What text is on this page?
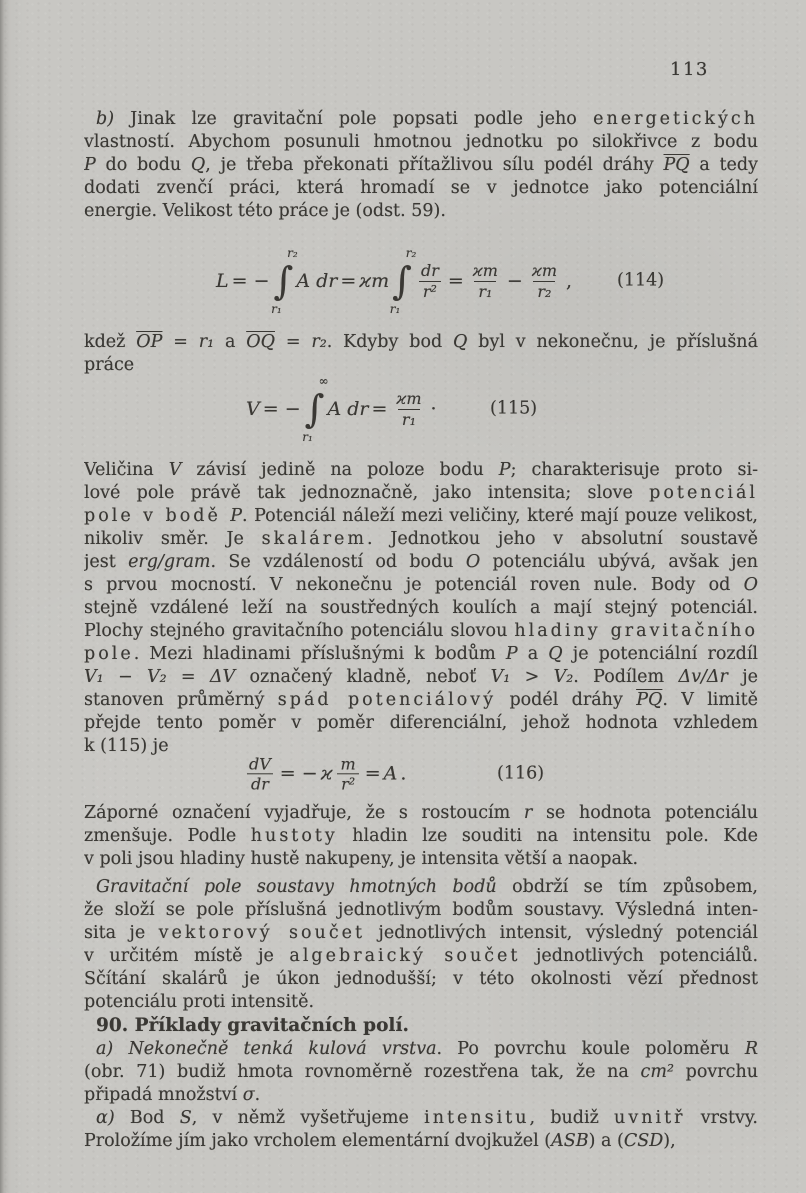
113
b) Jinak lze gravitační pole popsati podle jeho energetických
vlastností. Abychom posunuli hmotnou jednotku po silokřivce z bodu
P do bodu Q, je třeba překonati přítažlivou sílu podél dráhy $\overline{PQ}$ a tedy
dodati zvenčí práci, která hromadí se v jednotce jako potenciální
energie. Velikost této práce je (odst. 59).
L = −
r₂
∫
r₁
A dr = ϰm
r₂
∫
r₁
$\frac{dr}{\text{r²}} = \frac{ϰm}{\text{r₁}} - \frac{ϰm}{\text{r₂}}$ ,	(114)
kdež $\overline{OP} = r_1$ a $\overline{OQ} = r_2$. Kdyby bod Q byl v nekonečnu, je příslušná
práce
V = −
∞
∫
r₁
A dr = $\frac{ϰm}{\text{r₁}}$ ·	(115)
Veličina V závisí jedině na poloze bodu P; charakterisuje proto si-
lové pole právě tak jednoznačně, jako intensita; slove potenciál
pole v bodě P. Potenciál náleží mezi veličiny, které mají pouze velikost,
nikoliv směr. Je skalárem. Jednotkou jeho v absolutní soustavě
jest erg/gram. Se vzdáleností od bodu O potenciálu ubývá, avšak jen
s prvou mocností. V nekonečnu je potenciál roven nule. Body od O
stejně vzdálené leží na soustředných koulích a mají stejný potenciál.
Plochy stejného gravitačního potenciálu slovou hladiny gravitačního
pole. Mezi hladinami příslušnými k bodům P a Q je potenciální rozdíl
V₁ − V₂ = ΔV označený kladně, neboť V₁ > V₂. Podílem Δv/Δr je
stanoven průměrný spád potenciálový podél dráhy $\overline{PQ}$. V limitě
přejde tento poměr v poměr diferenciální, jehož hodnota vzhledem
k (115) je
$\frac{dV}{dr}$ = − ϰ $\frac{m}{\text{r²}} = A$ .	(116)
Záporné označení vyjadřuje, že s rostoucím r se hodnota potenciálu
zmenšuje. Podle hustoty hladin lze souditi na intensitu pole. Kde
v poli jsou hladiny hustě nakupeny, je intensita větší a naopak.
Gravitační pole soustavy hmotných bodů obdrží se tím způsobem,
že složí se pole příslušná jednotlivým bodům soustavy. Výsledná inten-
sita je vektorový součet jednotlivých intensit, výsledný potenciál
v určitém místě je algebraický součet jednotlivých potenciálů.
Sčítání skalárů je úkon jednodušší; v této okolnosti vězí přednost
potenciálu proti intensitě.
90. Příklady gravitačních polí.
a) Nekonečně tenká kulová vrstva. Po povrchu koule poloměru R
(obr. 71) budiž hmota rovnoměrně rozestřena tak, že na cm² povrchu
připadá množství σ.
α) Bod S, v němž vyšetřujeme intensitu, budiž uvnitř vrstvy.
Proložíme jím jako vrcholem elementární dvojkužel (ASB) a (CSD),
